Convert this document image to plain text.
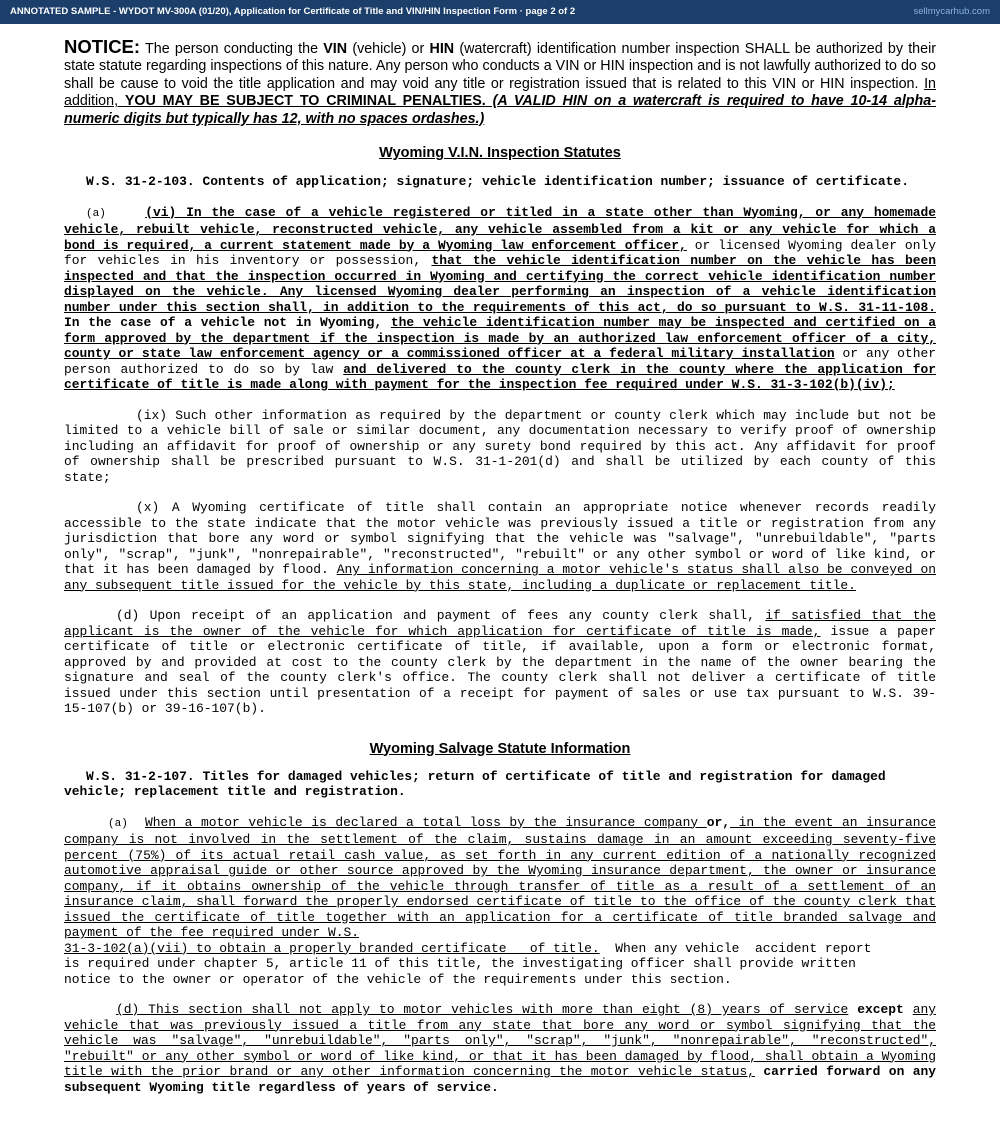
ANNOTATED SAMPLE - WYDOT MV-300A (01/20), Application for Certificate of Title and VIN/HIN Inspection Form · page 2 of 2	sellmycarhub.com

NOTICE: The person conducting the VIN (vehicle) or HIN (watercraft) identification number inspection SHALL be authorized by their state statute regarding inspections of this nature. Any person who conducts a VIN or HIN inspection and is not lawfully authorized to do so shall be cause to void the title application and may void any title or registration issued that is related to this VIN or HIN inspection. In addition, YOU MAY BE SUBJECT TO CRIMINAL PENALTIES. (A VALID HIN on a watercraft is required to have 10-14 alpha-numeric digits but typically has 12, with no spaces ordashes.)

Wyoming V.I.N. Inspection Statutes

W.S. 31-2-103. Contents of application; signature; vehicle identification number; issuance of certificate.

(a)	(vi) In the case of a vehicle registered or titled in a state other than Wyoming, or any homemade vehicle, rebuilt vehicle, reconstructed vehicle, any vehicle assembled from a kit or any vehicle for which a bond is required, a current statement made by a Wyoming law enforcement officer, or licensed Wyoming dealer only for vehicles in his inventory or possession, that the vehicle identification number on the vehicle has been inspected and that the inspection occurred in Wyoming and certifying the correct vehicle identification number displayed on the vehicle. Any licensed Wyoming dealer performing an inspection of a vehicle identification number under this section shall, in addition to the requirements of this act, do so pursuant to W.S. 31-11-108. In the case of a vehicle not in Wyoming, the vehicle identification number may be inspected and certified on a form approved by the department if the inspection is made by an authorized law enforcement officer of a city, county or state law enforcement agency or a commissioned officer at a federal military installation or any other person authorized to do so by law and delivered to the county clerk in the county where the application for certificate of title is made along with payment for the inspection fee required under W.S. 31-3-102(b)(iv);

(ix) Such other information as required by the department or county clerk which may include but not be limited to a vehicle bill of sale or similar document, any documentation necessary to verify proof of ownership including an affidavit for proof of ownership or any surety bond required by this act. Any affidavit for proof of ownership shall be prescribed pursuant to W.S. 31-1-201(d) and shall be utilized by each county of this state;

(x) A Wyoming certificate of title shall contain an appropriate notice whenever records readily accessible to the state indicate that the motor vehicle was previously issued a title or registration from any jurisdiction that bore any word or symbol signifying that the vehicle was "salvage", "unrebuildable", "parts only", "scrap", "junk", "nonrepairable", "reconstructed", "rebuilt" or any other symbol or word of like kind, or that it has been damaged by flood. Any information concerning a motor vehicle's status shall also be conveyed on any subsequent title issued for the vehicle by this state, including a duplicate or replacement title.

(d) Upon receipt of an application and payment of fees any county clerk shall, if satisfied that the applicant is the owner of the vehicle for which application for certificate of title is made, issue a paper certificate of title or electronic certificate of title, if available, upon a form or electronic format, approved by and provided at cost to the county clerk by the department in the name of the owner bearing the signature and seal of the county clerk's office. The county clerk shall not deliver a certificate of title issued under this section until presentation of a receipt for payment of sales or use tax pursuant to W.S. 39-15-107(b) or 39-16-107(b).

Wyoming Salvage Statute Information

W.S. 31-2-107. Titles for damaged vehicles; return of certificate of title and registration for damaged vehicle; replacement title and registration.

(a) When a motor vehicle is declared a total loss by the insurance company or, in the event an insurance company is not involved in the settlement of the claim, sustains damage in an amount exceeding seventy-five percent (75%) of its actual retail cash value, as set forth in any current edition of a nationally recognized automotive appraisal guide or other source approved by the Wyoming insurance department, the owner or insurance company, if it obtains ownership of the vehicle through transfer of title as a result of a settlement of an insurance claim, shall forward the properly endorsed certificate of title to the office of the county clerk that issued the certificate of title together with an application for a certificate of title branded salvage and payment of the fee required under W.S.

31-3-102(a)(vii) to obtain a properly branded certificate   of title.  When any vehicle  accident report
is required under chapter 5, article 11 of this title, the investigating officer shall provide written
notice to the owner or operator of the vehicle of the requirements under this section.

(d) This section shall not apply to motor vehicles with more than eight (8) years of service except any vehicle that was previously issued a title from any state that bore any word or symbol signifying that the vehicle was "salvage", "unrebuildable", "parts only", "scrap", "junk", "nonrepairable", "reconstructed", "rebuilt" or any other symbol or word of like kind, or that it has been damaged by flood, shall obtain a Wyoming title with the prior brand or any other information concerning the motor vehicle status, carried forward on any subsequent Wyoming title regardless of years of service.
